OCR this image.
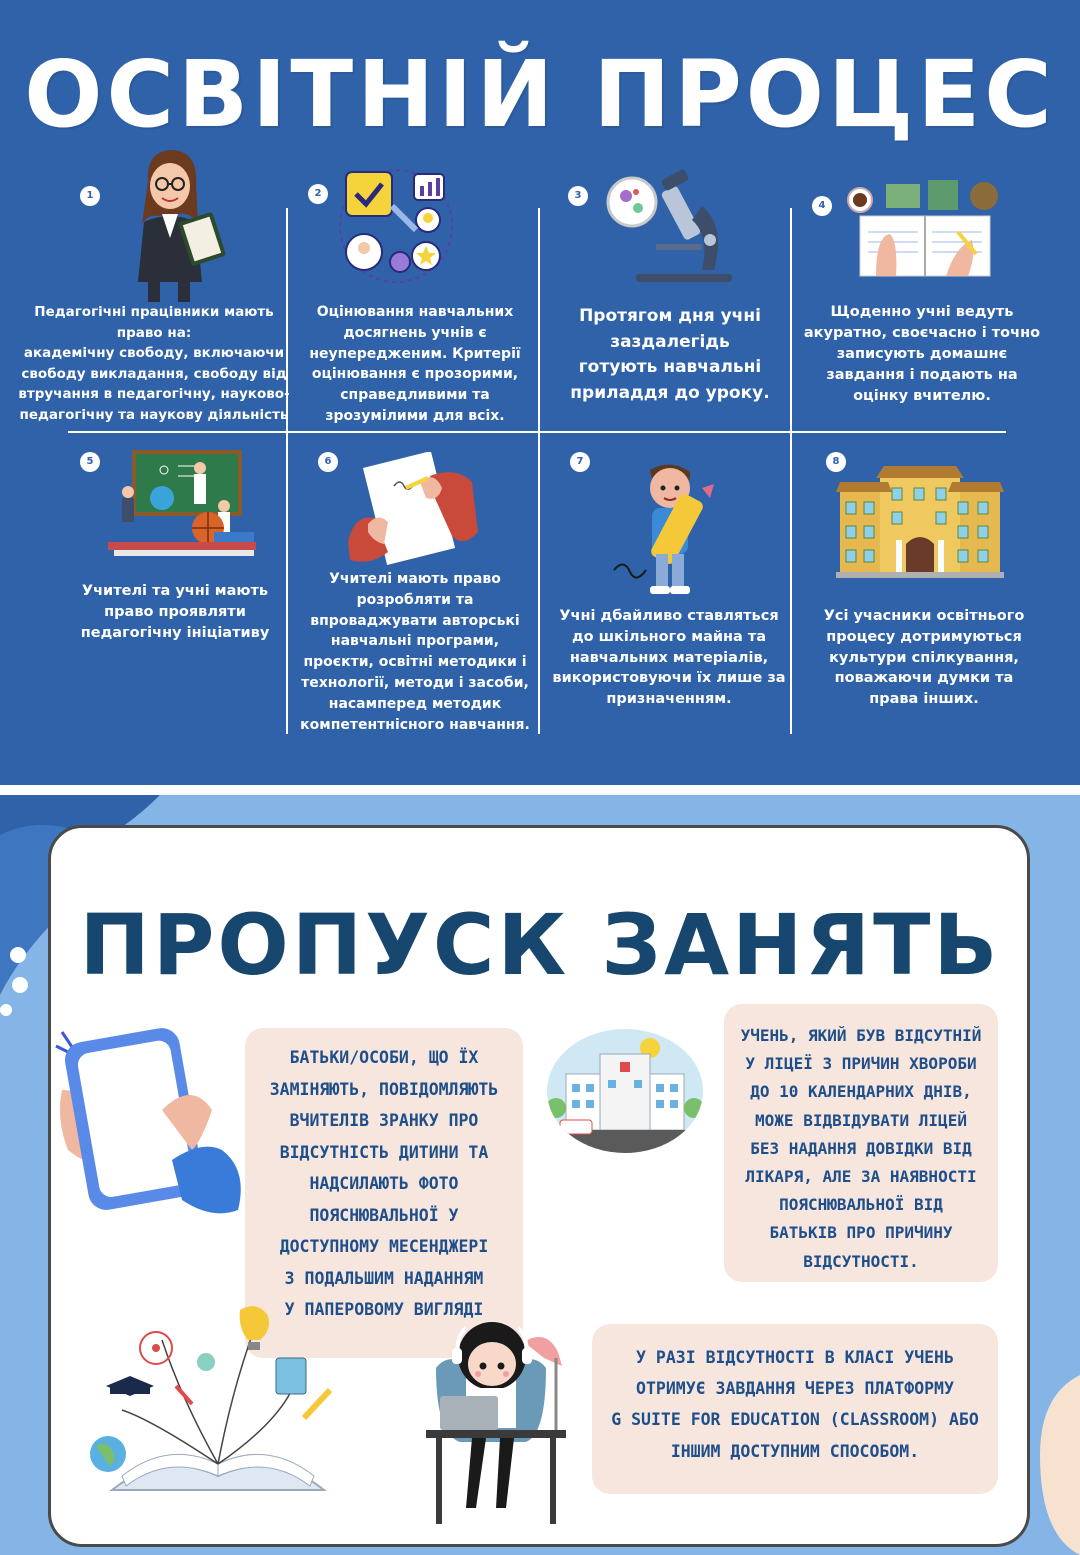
ОСВІТНІЙ ПРОЦЕС
1	2	3
4
5	6	7	8
Педагогічні працівники мають
право на:
академічну свободу, включаючи
свободу викладання, свободу від
втручання в педагогічну, науково-
педагогічну та наукову діяльність
Оцінювання навчальних
досягнень учнів є
неупередженим. Критерії
оцінювання є прозорими,
справедливими та
зрозумілими для всіх.
Протягом дня учні
заздалегідь
готують навчальні
приладдя до уроку.
Щоденно учні ведуть
акуратно, своєчасно і точно
записують домашнє
завдання і подають на
оцінку вчителю.
Учителі та учні мають
право проявляти
педагогічну ініціативу
Учителі мають право
розробляти та
впроваджувати авторські
навчальні програми,
проєкти, освітні методики і
технології, методи і засоби,
насамперед методик
компетентнісного навчання.
Учні дбайливо ставляться
до шкільного майна та
навчальних матеріалів,
використовуючи їх лише за
призначенням.
Усі учасники освітнього
процесу дотримуються
культури спілкування,
поважаючи думки та
права інших.
ПРОПУСК ЗАНЯТЬ
БАТЬКИ/ОСОБИ, ЩО ЇХ
ЗАМІНЯЮТЬ, ПОВІДОМЛЯЮТЬ
ВЧИТЕЛІВ ЗРАНКУ ПРО
ВІДСУТНІСТЬ ДИТИНИ ТА
НАДСИЛАЮТЬ ФОТО
ПОЯСНЮВАЛЬНОЇ У
ДОСТУПНОМУ МЕСЕНДЖЕРІ
З ПОДАЛЬШИМ НАДАННЯМ
У ПАПЕРОВОМУ ВИГЛЯДІ
УЧЕНЬ, ЯКИЙ БУВ ВІДСУТНІЙ
У ЛІЦЕЇ З ПРИЧИН ХВОРОБИ
ДО 10 КАЛЕНДАРНИХ ДНІВ,
МОЖЕ ВІДВІДУВАТИ ЛІЦЕЙ
БЕЗ НАДАННЯ ДОВІДКИ ВІД
ЛІКАРЯ, АЛЕ ЗА НАЯВНОСТІ
ПОЯСНЮВАЛЬНОЇ ВІД
БАТЬКІВ ПРО ПРИЧИНУ
ВІДСУТНОСТІ.
У РАЗІ ВІДСУТНОСТІ В КЛАСІ УЧЕНЬ
ОТРИМУЄ ЗАВДАННЯ ЧЕРЕЗ ПЛАТФОРМУ
G SUITE FOR EDUCATION (CLASSROOM) АБО
ІНШИМ ДОСТУПНИМ СПОСОБОМ.
